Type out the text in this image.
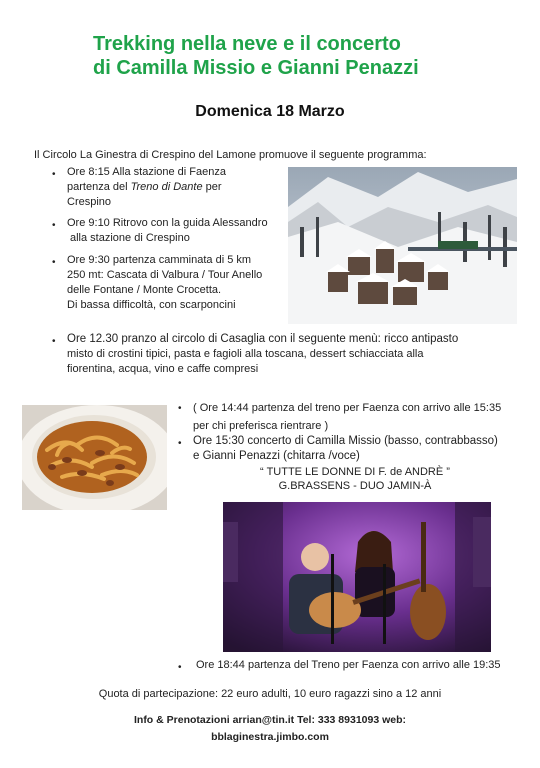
Trekking nella neve e il concerto
di Camilla Missio e Gianni Penazzi
Domenica 18 Marzo
Il Circolo La Ginestra di Crespino del Lamone promuove il seguente programma:
• Ore 8:15 Alla stazione di Faenza
partenza del Treno di Dante per
Crespino
• Ore 9:10 Ritrovo con la guida Alessandro
alla stazione di Crespino
• Ore 9:30 partenza camminata di 5 km
250 mt: Cascata di Valbura / Tour Anello
delle Fontane / Monte Crocetta.
Di bassa difficoltà, con scarponcini
• Ore 12.30 pranzo al circolo di Casaglia con il seguente menù: ricco antipasto
misto di crostini tipici, pasta e fagioli alla toscana, dessert schiacciata alla
fiorentina, acqua, vino e caffe compresi
• ( Ore 14:44 partenza del treno per Faenza con arrivo alle 15:35
per chi preferisca rientrare )
• Ore 15:30 concerto di Camilla Missio (basso, contrabbasso)
e Gianni Penazzi (chitarra /voce)
“ TUTTE LE DONNE DI F. de ANDRÈ ”
G.BRASSENS - DUO JAMIN-À
• Ore 18:44 partenza del Treno per Faenza con arrivo alle 19:35
Quota di partecipazione: 22 euro adulti, 10 euro ragazzi sino a 12 anni
Info & Prenotazioni arrian@tin.it Tel: 333 8931093 web:
bblaginestra.jimbo.com
